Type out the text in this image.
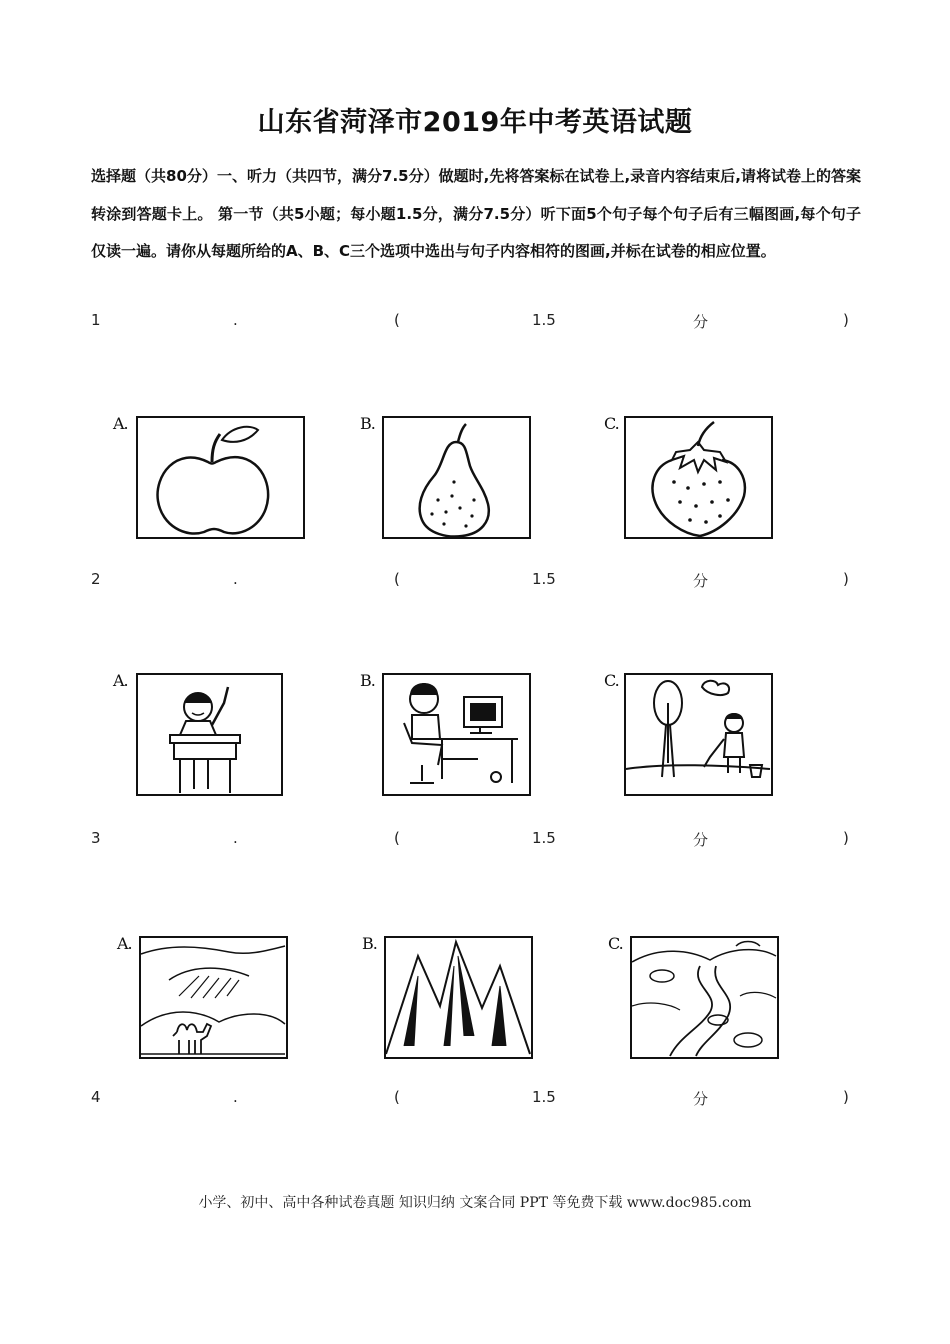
山东省菏泽市2019年中考英语试题
选择题（共80分）一、听力（共四节，满分7.5分）做题时,先将答案标在试卷上,录音内容结束后,请将试卷上的答案转涂到答题卡上。 第一节（共5小题；每小题1.5分，满分7.5分）听下面5个句子每个句子后有三幅图画,每个句子仅读一遍。请你从每题所给的A、B、C三个选项中选出与句子内容相符的图画,并标在试卷的相应位置。
1	.	(	1.5	分	)
A.	B.	C.
2	.	(	1.5	分	)
A.	B.	C.
3	.	(	1.5	分	)
A.	B.	C.
4	.	(	1.5	分	)
小学、初中、高中各种试卷真题 知识归纳 文案合同 PPT 等免费下载 www.doc985.com
